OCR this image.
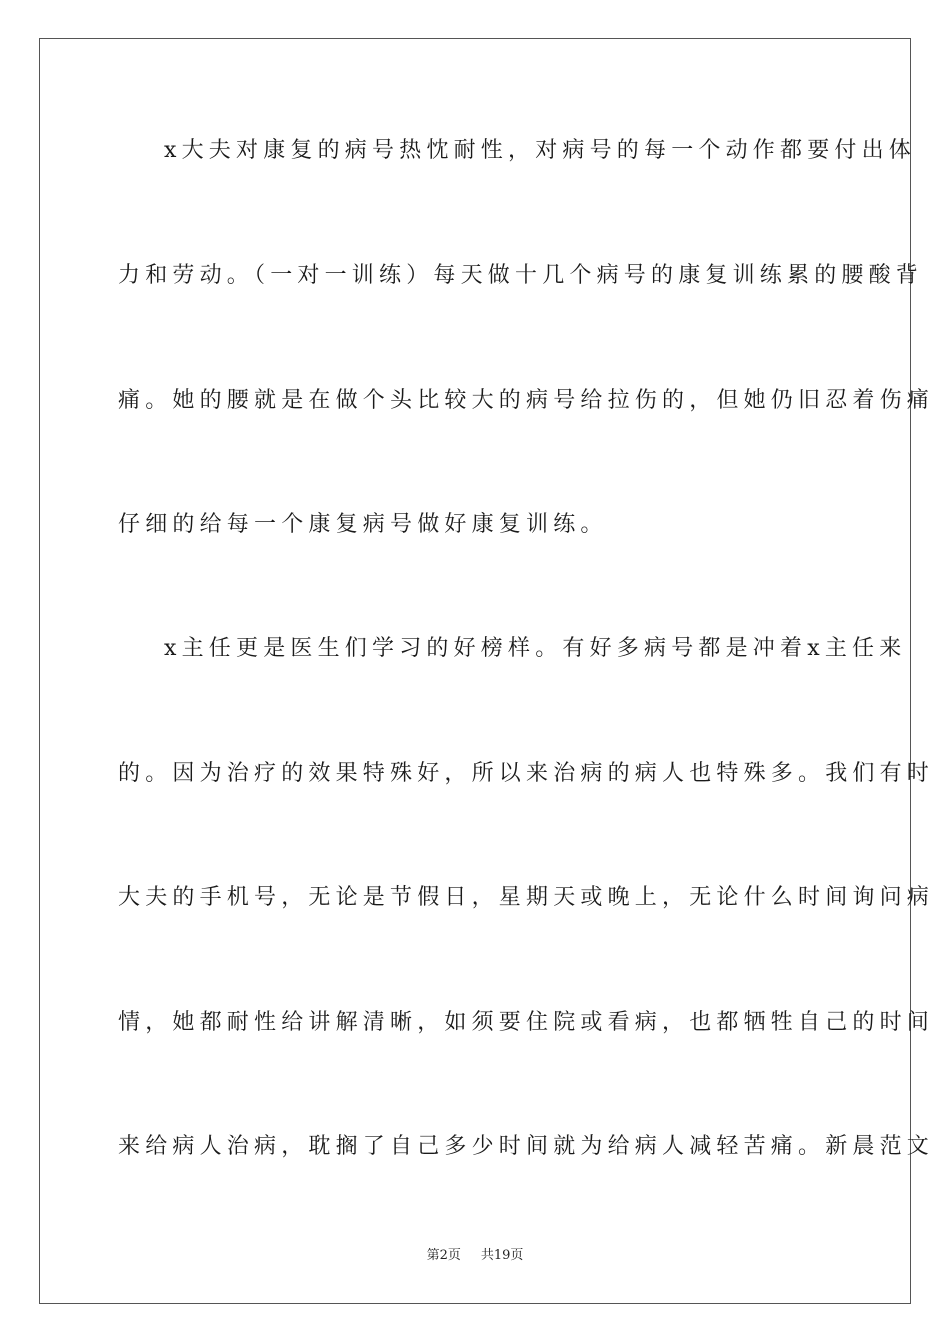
x大夫对康复的病号热忱耐性，对病号的每一个动作都要付出体
力和劳动。（一对一训练）每天做十几个病号的康复训练累的腰酸背
痛。她的腰就是在做个头比较大的病号给拉伤的，但她仍旧忍着伤痛
仔细的给每一个康复病号做好康复训练。
x主任更是医生们学习的好榜样。有好多病号都是冲着x主任来
的。因为治疗的效果特殊好，所以来治病的病人也特殊多。我们有时
大夫的手机号，无论是节假日，星期天或晚上，无论什么时间询问病
情，她都耐性给讲解清晰，如须要住院或看病，也都牺牲自己的时间
来给病人治病，耽搁了自己多少时间就为给病人减轻苦痛。新晨范文
第2页 共19页
